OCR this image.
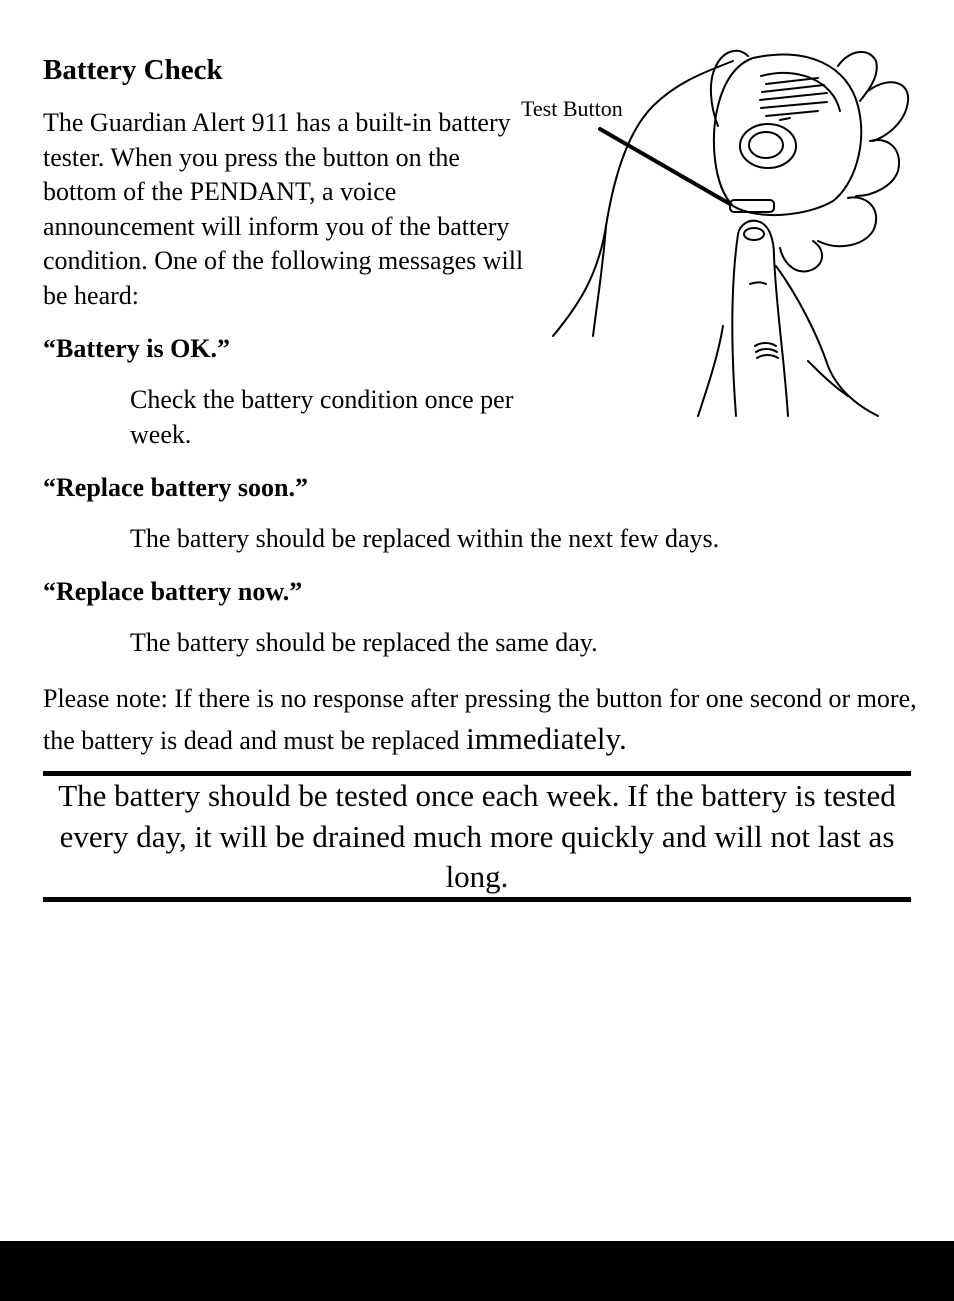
Battery Check

The Guardian Alert 911 has a built-in battery tester. When you press the button on the bottom of the PENDANT, a voice announcement will inform you of the battery condition. One of the following messages will be heard:

Test Button

“Battery is OK.”

Check the battery condition once per week.

“Replace battery soon.”

The battery should be replaced within the next few days.

“Replace battery now.”

The battery should be replaced the same day.

Please note: If there is no response after pressing the button for one second or more, the battery is dead and must be replaced immediately.

The battery should be tested once each week. If the battery is tested every day, it will be drained much more quickly and will not last as long.
